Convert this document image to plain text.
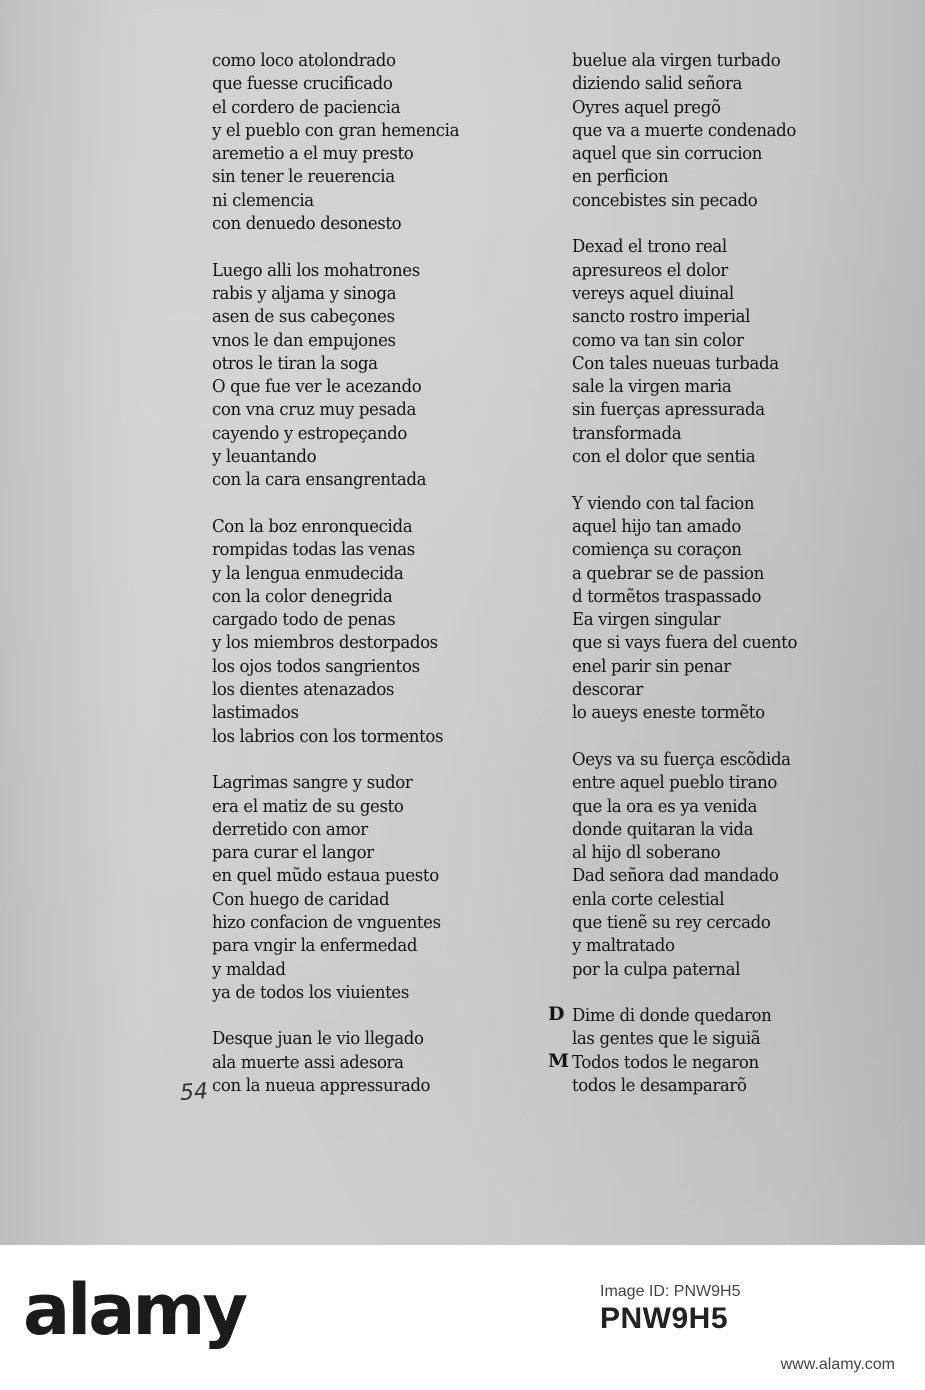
como loco atolondrado
que fuesse crucificado
el cordero de paciencia
y el pueblo con gran hemencia
aremetio a el muy presto
sin tener le reuerencia
ni clemencia
con denuedo desonesto
Luego alli los mohatrones
rabis y aljama y sinoga
asen de sus cabeçones
vnos le dan empujones
otros le tiran la soga
O que fue ver le acezando
con vna cruz muy pesada
cayendo y estropeçando
y leuantando
con la cara ensangrentada
Con la boz enronquecida
rompidas todas las venas
y la lengua enmudecida
con la color denegrida
cargado todo de penas
y los miembros destorpados
los ojos todos sangrientos
los dientes atenazados
lastimados
los labrios con los tormentos
Lagrimas sangre y sudor
era el matiz de su gesto
derretido con amor
para curar el langor
en quel mũdo estaua puesto
Con huego de caridad
hizo confacion de vnguentes
para vngir la enfermedad
y maldad
ya de todos los viuientes
Desque juan le vio llegado
ala muerte assi adesora
con la nueua appressurado
buelue ala virgen turbado
diziendo salid señora
Oyres aquel pregõ
que va a muerte condenado
aquel que sin corrucion
en perficion
concebistes sin pecado
Dexad el trono real
apresureos el dolor
vereys aquel diuinal
sancto rostro imperial
como va tan sin color
Con tales nueuas turbada
sale la virgen maria
sin fuerças apressurada
transformada
con el dolor que sentia
Y viendo con tal facion
aquel hijo tan amado
comiença su coraçon
a quebrar se de passion
d tormẽtos traspassado
Ea virgen singular
que si vays fuera del cuento
enel parir sin penar
descorar
lo aueys eneste tormẽto
Oeys va su fuerça escõdida
entre aquel pueblo tirano
que la ora es ya venida
donde quitaran la vida
al hijo dl soberano
Dad señora dad mandado
enla corte celestial
que tienẽ su rey cercado
y maltratado
por la culpa paternal
Dime di donde quedaron
las gentes que le siguiã
Todos todos le negaron
todos le desampararõ
D
M
54
alamy	Image ID: PNW9H5
PNW9H5
www.alamy.com
